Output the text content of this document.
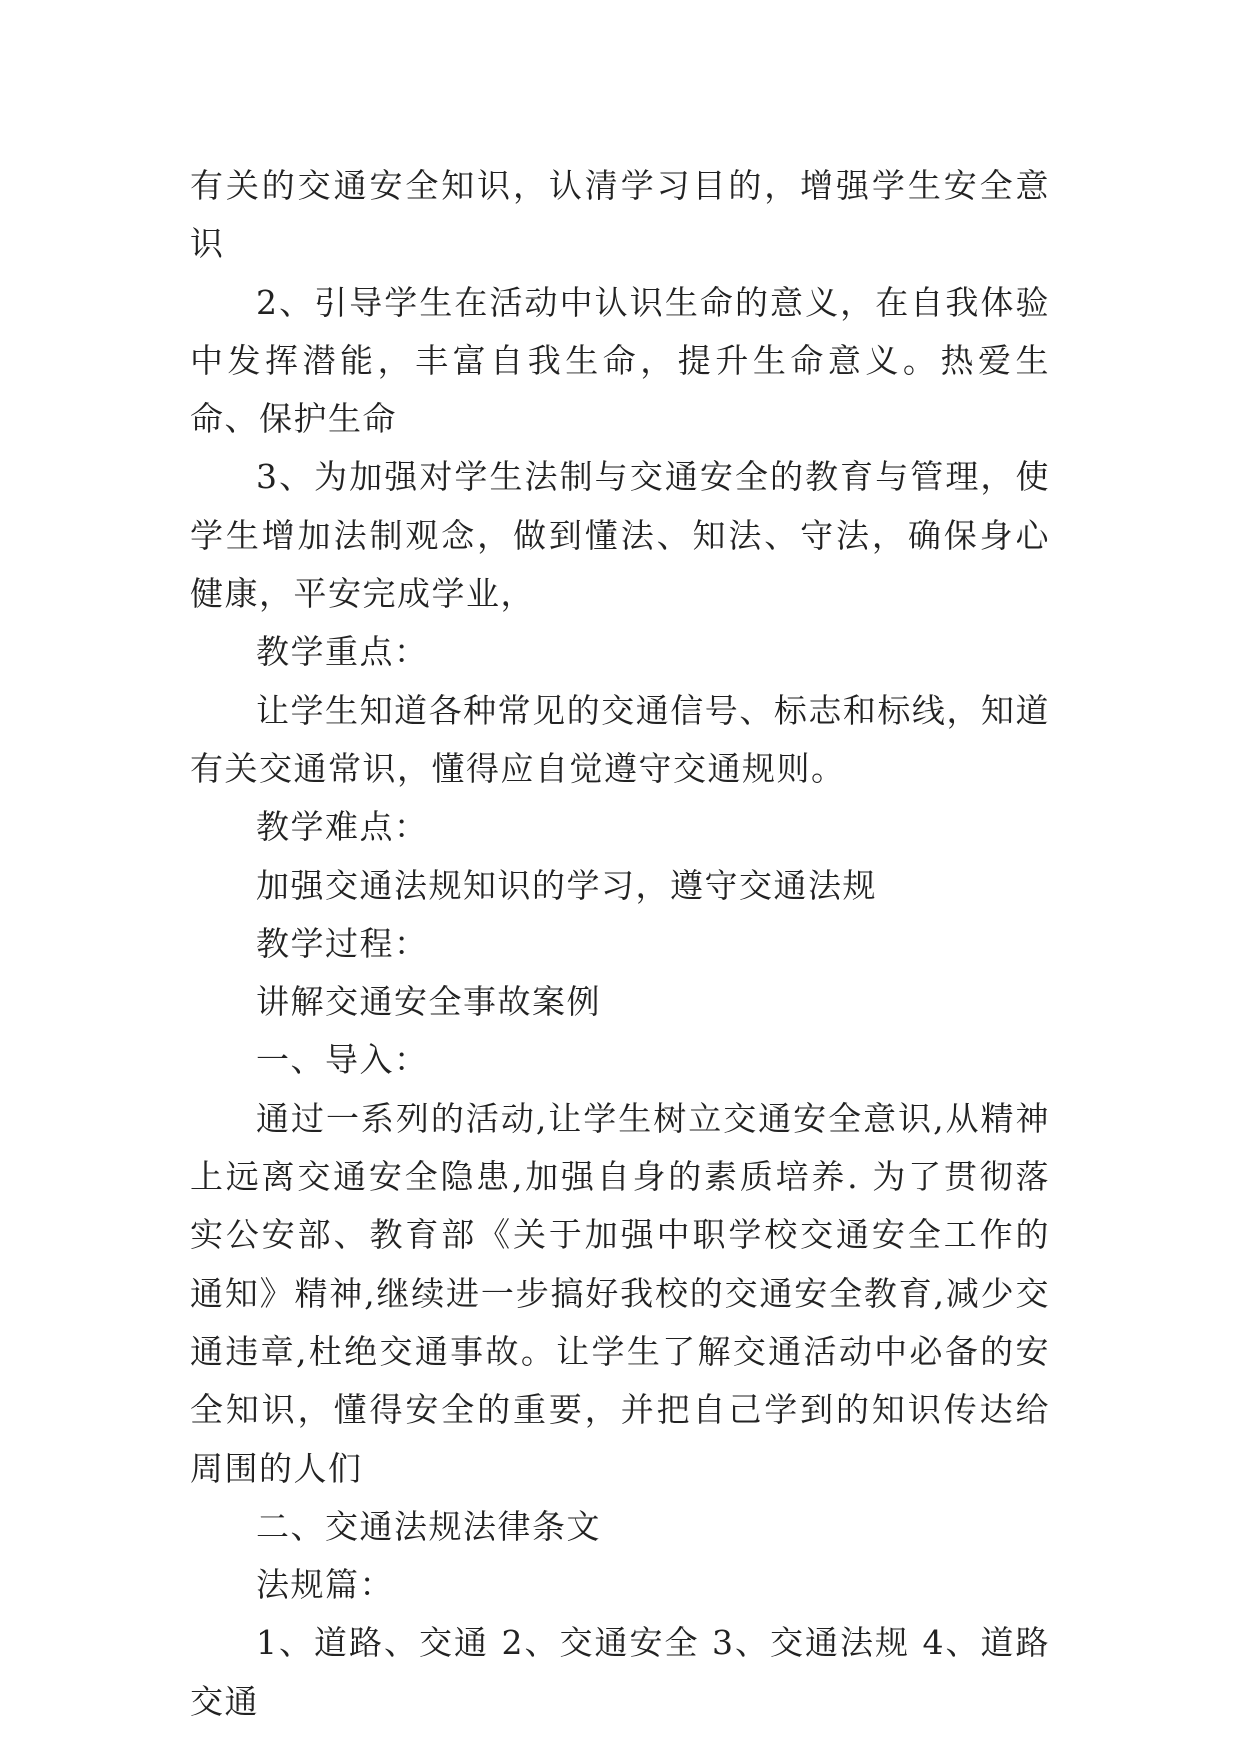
有关的交通安全知识，认清学习目的，增强学生安全意识

2、引导学生在活动中认识生命的意义，在自我体验中发挥潜能，丰富自我生命，提升生命意义。热爱生命、保护生命

3、为加强对学生法制与交通安全的教育与管理，使学生增加法制观念，做到懂法、知法、守法，确保身心健康，平安完成学业，

教学重点：

让学生知道各种常见的交通信号、标志和标线，知道有关交通常识，懂得应自觉遵守交通规则。

教学难点：

加强交通法规知识的学习，遵守交通法规

教学过程：

讲解交通安全事故案例

一、导入：

通过一系列的活动,让学生树立交通安全意识,从精神上远离交通安全隐患,加强自身的素质培养. 为了贯彻落实公安部、教育部《关于加强中职学校交通安全工作的通知》精神,继续进一步搞好我校的交通安全教育,减少交通违章,杜绝交通事故。让学生了解交通活动中必备的安全知识，懂得安全的重要，并把自己学到的知识传达给周围的人们

二、交通法规法律条文

法规篇：

1、道路、交通 2、交通安全 3、交通法规 4、道路交通
